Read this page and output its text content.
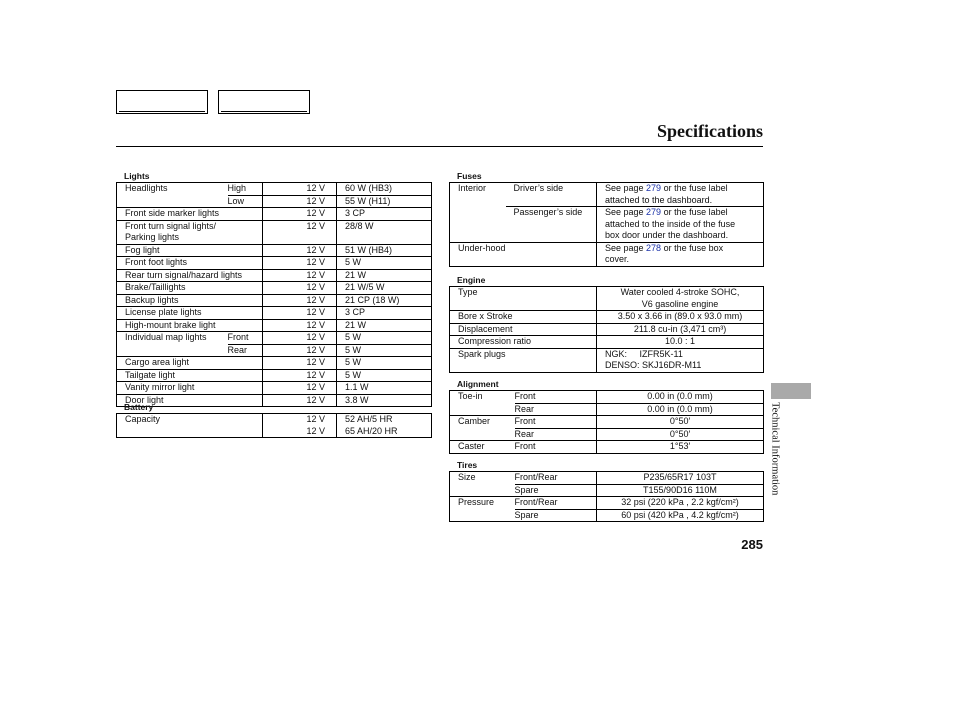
Specifications
Lights
Headlights	High		12 V	60 W (HB3)
	Low		12 V	55 W (H11)

Front side marker lights			12 V	3 CP

Front turn signal lights/
Parking lights			12 V	28/8 W

Fog light			12 V	51 W (HB4)

Front foot lights			12 V	5 W

Rear turn signal/hazard lights			12 V	21 W

Brake/Taillights			12 V	21 W/5 W

Backup lights			12 V	21 CP (18 W)

License plate lights			12 V	3 CP

High-mount brake light			12 V	21 W
Individual map lights	Front		12 V	5 W
	Rear		12 V	5 W

Cargo area light			12 V	5 W

Tailgate light			12 V	5 W

Vanity mirror light			12 V	1.1 W

Door light			12 V	3.8 W
Battery
Capacity		12 V	52 AH/5 HR
		12 V	65 AH/20 HR
Fuses
Interior	Driver’s side	See page 279 or the fuse label
attached to the dashboard.

	Passenger’s side	See page 279 or the fuse label
attached to the inside of the fuse
box door under the dashboard.

Under-hood		See page 278 or the fuse box
cover.
Engine
Type	Water cooled 4-stroke SOHC,
V6 gasoline engine

Bore x Stroke	3.50 x 3.66 in (89.0 x 93.0 mm)
Displacement	211.8 cu-in (3,471 cm³)
Compression ratio	10.0 : 1
Spark plugs	NGK:     IZFR5K-11
DENSO: SKJ16DR-M11
Alignment
Toe-in	Front	0.00 in (0.0 mm)
	Rear	0.00 in (0.0 mm)
Camber	Front	0°50′
	Rear	0°50′
Caster	Front	1°53′
Tires
Size	Front/Rear	P235/65R17 103T
	Spare	T155/90D16 110M
Pressure	Front/Rear	32 psi (220 kPa , 2.2 kgf/cm²)
	Spare	60 psi (420 kPa , 4.2 kgf/cm²)
Technical Information
285
